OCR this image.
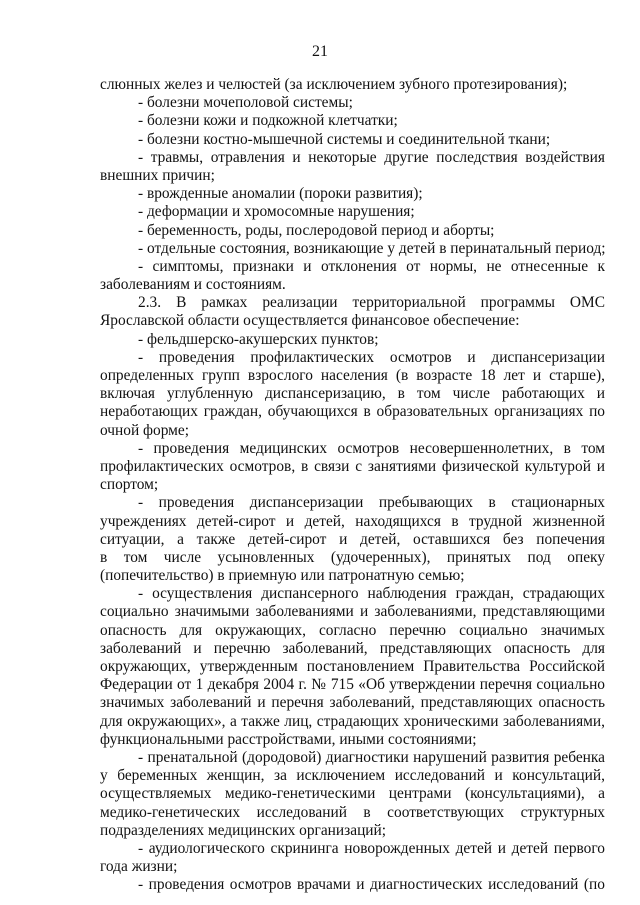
21
слюнных желез и челюстей (за исключением зубного протезирования);
- болезни мочеполовой системы;
- болезни кожи и подкожной клетчатки;
- болезни костно-мышечной системы и соединительной ткани;
- травмы, отравления и некоторые другие последствия воздействия
внешних причин;
- врожденные аномалии (пороки развития);
- деформации и хромосомные нарушения;
- беременность, роды, послеродовой период и аборты;
- отдельные состояния, возникающие у детей в перинатальный период;
- симптомы, признаки и отклонения от нормы, не отнесенные к
заболеваниям и состояниям.
2.3. В рамках реализации территориальной программы ОМС
Ярославской области осуществляется финансовое обеспечение:
- фельдшерско-акушерских пунктов;
- проведения профилактических осмотров и диспансеризации
определенных групп взрослого населения (в возрасте 18 лет и старше),
включая углубленную диспансеризацию, в том числе работающих и
неработающих граждан, обучающихся в образовательных организациях по
очной форме;
- проведения медицинских осмотров несовершеннолетних, в том
профилактических осмотров, в связи с занятиями физической культурой и
спортом;
- проведения диспансеризации пребывающих в стационарных
учреждениях детей-сирот и детей, находящихся в трудной жизненной
ситуации, а также детей-сирот и детей, оставшихся без попечения
в том числе усыновленных (удочеренных), принятых под опеку
(попечительство) в приемную или патронатную семью;
- осуществления диспансерного наблюдения граждан, страдающих
социально значимыми заболеваниями и заболеваниями, представляющими
опасность для окружающих, согласно перечню социально значимых
заболеваний и перечню заболеваний, представляющих опасность для
окружающих, утвержденным постановлением Правительства Российской
Федерации от 1 декабря 2004 г. № 715 «Об утверждении перечня социально
значимых заболеваний и перечня заболеваний, представляющих опасность
для окружающих», а также лиц, страдающих хроническими заболеваниями,
функциональными расстройствами, иными состояниями;
- пренатальной (дородовой) диагностики нарушений развития ребенка
у беременных женщин, за исключением исследований и консультаций,
осуществляемых медико-генетическими центрами (консультациями), а
медико-генетических исследований в соответствующих структурных
подразделениях медицинских организаций;
- аудиологического скрининга новорожденных детей и детей первого
года жизни;
- проведения осмотров врачами и диагностических исследований (по
